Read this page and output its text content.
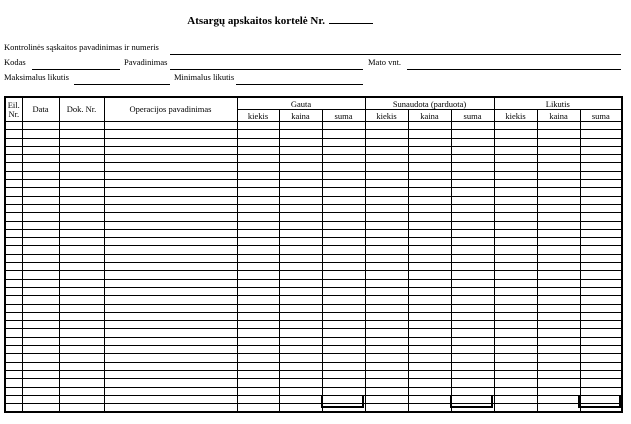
Atsargų apskaitos kortelė Nr.
Kontrolinės sąskaitos pavadinimas ir numeris
Kodas	Pavadinimas	Mato vnt.
Maksimalus likutis	Minimalus likutis
Eil. Nr.	Data	Dok. Nr.	Operacijos pavadinimas	Gauta			Sunaudota (parduota)			Likutis		
				kiekis	kaina	suma	kiekis	kaina	suma	kiekis	kaina	suma
